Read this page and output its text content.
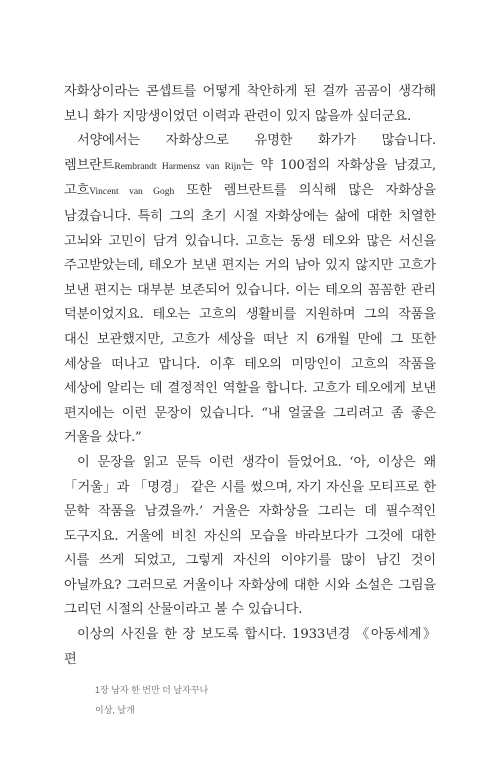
자화상이라는 콘셉트를 어떻게 착안하게 된 걸까 곰곰이 생각해 보니 화가 지망생이었던 이력과 관련이 있지 않을까 싶더군요.

서양에서는 자화상으로 유명한 화가가 많습니다. 렘브란트Rembrandt Harmensz van Rijn는 약 100점의 자화상을 남겼고, 고흐Vincent van Gogh 또한 렘브란트를 의식해 많은 자화상을 남겼습니다. 특히 그의 초기 시절 자화상에는 삶에 대한 치열한 고뇌와 고민이 담겨 있습니다. 고흐는 동생 테오와 많은 서신을 주고받았는데, 테오가 보낸 편지는 거의 남아 있지 않지만 고흐가 보낸 편지는 대부분 보존되어 있습니다. 이는 테오의 꼼꼼한 관리 덕분이었지요. 테오는 고흐의 생활비를 지원하며 그의 작품을 대신 보관했지만, 고흐가 세상을 떠난 지 6개월 만에 그 또한 세상을 떠나고 맙니다. 이후 테오의 미망인이 고흐의 작품을 세상에 알리는 데 결정적인 역할을 합니다. 고흐가 테오에게 보낸 편지에는 이런 문장이 있습니다. “내 얼굴을 그리려고 좀 좋은 거울을 샀다.”

이 문장을 읽고 문득 이런 생각이 들었어요. ‘아, 이상은 왜 「거울」과 「명경」 같은 시를 썼으며, 자기 자신을 모티프로 한 문학 작품을 남겼을까.’ 거울은 자화상을 그리는 데 필수적인 도구지요. 거울에 비친 자신의 모습을 바라보다가 그것에 대한 시를 쓰게 되었고, 그렇게 자신의 이야기를 많이 남긴 것이 아닐까요? 그러므로 거울이나 자화상에 대한 시와 소설은 그림을 그리던 시절의 산물이라고 볼 수 있습니다.

이상의 사진을 한 장 보도록 합시다. 1933년경 《아동세계》 편

1장 남자 한 번만 더 날자꾸나
이상, 날개
